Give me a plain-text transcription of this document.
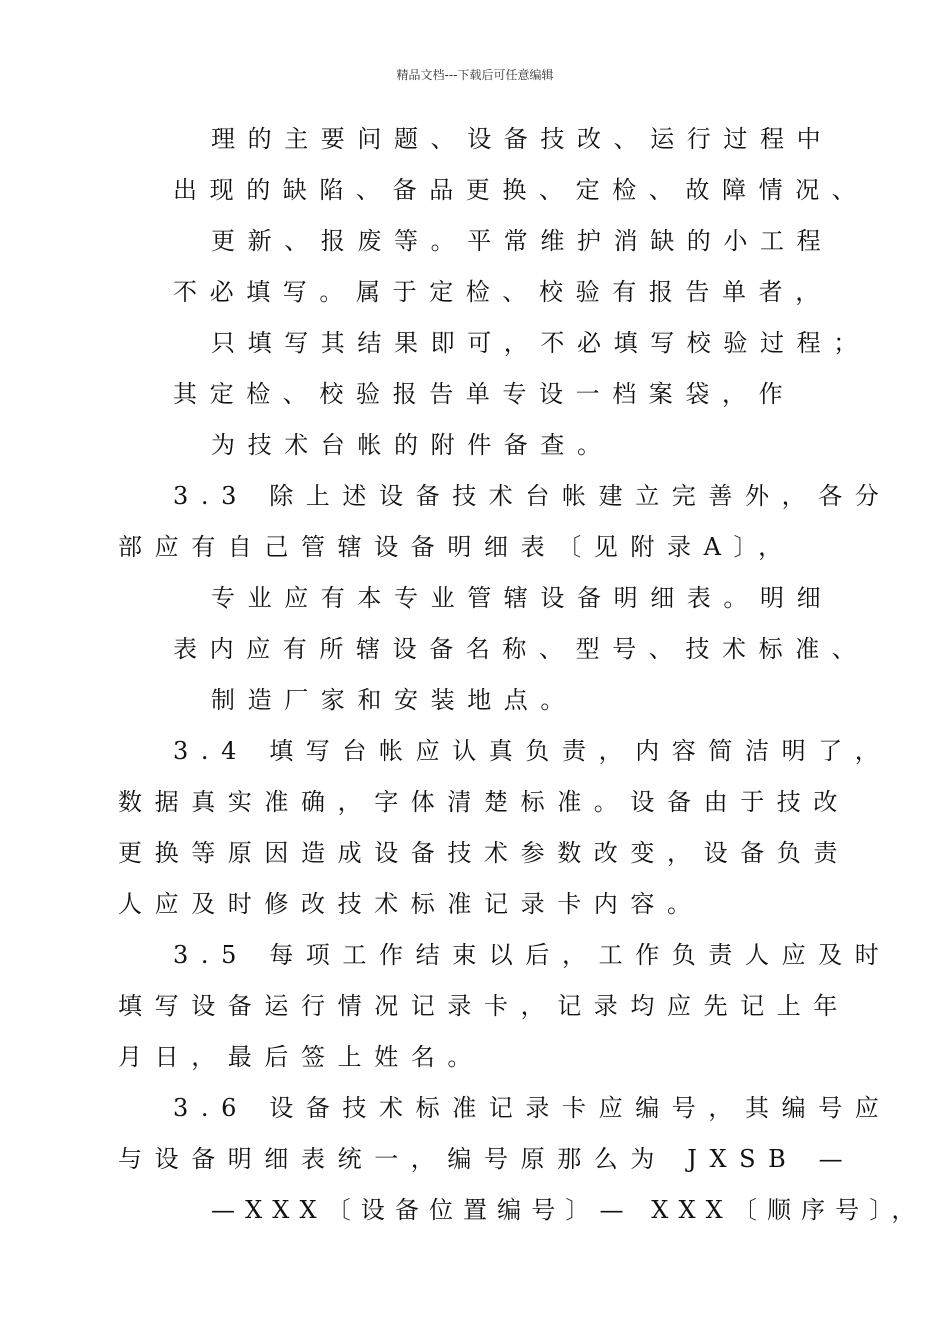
精品文档---下载后可任意编辑
理的主要问题、设备技改、运行过程中
出现的缺陷、备品更换、定检、故障情况、
更新、报废等。平常维护消缺的小工程
不必填写。属于定检、校验有报告单者，
只填写其结果即可，不必填写校验过程；
其定检、校验报告单专设一档案袋，作
为技术台帐的附件备查。
3.3 除上述设备技术台帐建立完善外，各分
部应有自己管辖设备明细表〔见附录A〕，
专业应有本专业管辖设备明细表。明细
表内应有所辖设备名称、型号、技术标准、
制造厂家和安装地点。
3.4 填写台帐应认真负责，内容简洁明了，
数据真实准确，字体清楚标准。设备由于技改
更换等原因造成设备技术参数改变，设备负责
人应及时修改技术标准记录卡内容。
3.5 每项工作结束以后，工作负责人应及时
填写设备运行情况记录卡，记录均应先记上年
月日，最后签上姓名。
3.6 设备技术标准记录卡应编号，其编号应
与设备明细表统一，编号原那么为 JXSB —
—XXX〔设备位置编号〕— XXX〔顺序号〕，
